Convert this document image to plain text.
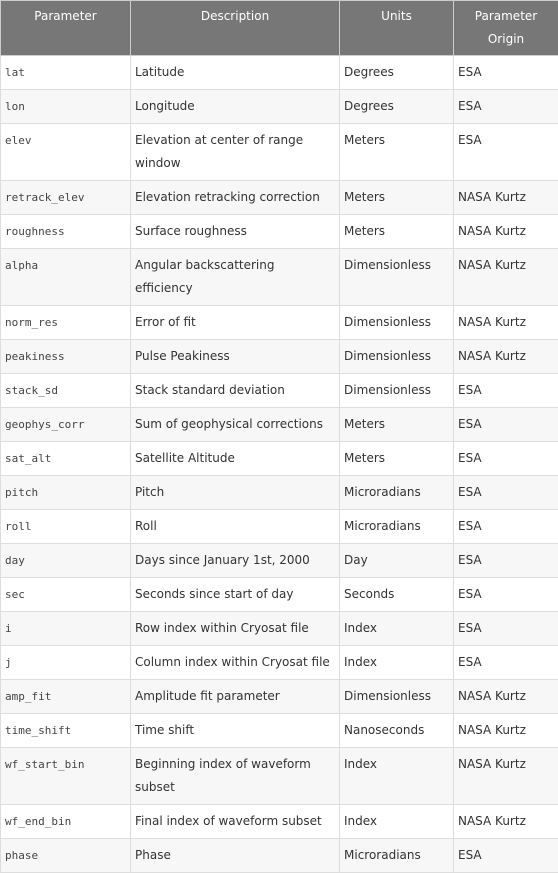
Parameter	Description	Units	Parameter Origin
lat	Latitude	Degrees	ESA
lon	Longitude	Degrees	ESA
elev	Elevation at center of range window	Meters	ESA
retrack_elev	Elevation retracking correction	Meters	NASA Kurtz
roughness	Surface roughness	Meters	NASA Kurtz
alpha	Angular backscattering efficiency	Dimensionless	NASA Kurtz
norm_res	Error of fit	Dimensionless	NASA Kurtz
peakiness	Pulse Peakiness	Dimensionless	NASA Kurtz
stack_sd	Stack standard deviation	Dimensionless	ESA
geophys_corr	Sum of geophysical corrections	Meters	ESA
sat_alt	Satellite Altitude	Meters	ESA
pitch	Pitch	Microradians	ESA
roll	Roll	Microradians	ESA
day	Days since January 1st, 2000	Day	ESA
sec	Seconds since start of day	Seconds	ESA
i	Row index within Cryosat file	Index	ESA
j	Column index within Cryosat file	Index	ESA
amp_fit	Amplitude fit parameter	Dimensionless	NASA Kurtz
time_shift	Time shift	Nanoseconds	NASA Kurtz
wf_start_bin	Beginning index of waveform subset	Index	NASA Kurtz
wf_end_bin	Final index of waveform subset	Index	NASA Kurtz
phase	Phase	Microradians	ESA
